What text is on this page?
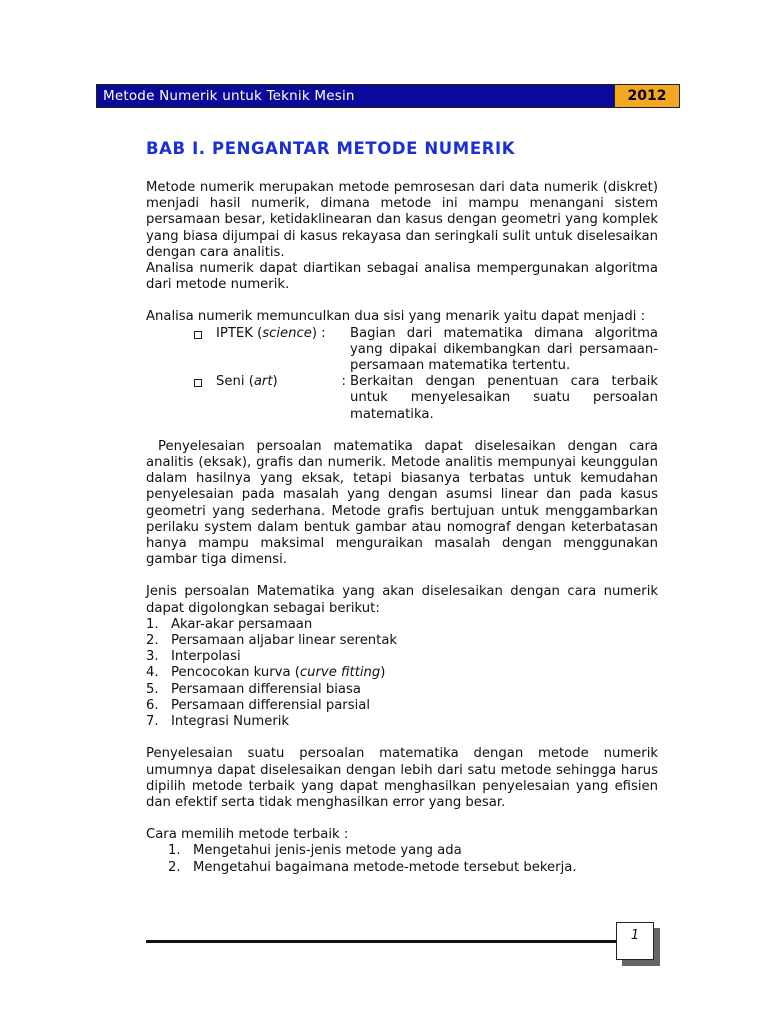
Metode Numerik untuk Teknik Mesin	2012
BAB I. PENGANTAR METODE NUMERIK

Metode numerik merupakan metode pemrosesan dari data numerik (diskret) menjadi hasil numerik, dimana metode ini mampu menangani sistem persamaan besar, ketidaklinearan dan kasus dengan geometri yang komplek yang biasa dijumpai di kasus rekayasa dan seringkali sulit untuk diselesaikan dengan cara analitis.

Analisa numerik dapat diartikan sebagai analisa mempergunakan algoritma dari metode numerik.

Analisa numerik memunculkan dua sisi yang menarik yaitu dapat menjadi :

IPTEK (science) :	Bagian dari matematika dimana algoritma yang dipakai dikembangkan dari persamaan-persamaan matematika tertentu.
Seni (art)	: Berkaitan dengan penentuan cara terbaik untuk menyelesaikan suatu persoalan matematika.

Penyelesaian persoalan matematika dapat diselesaikan dengan cara analitis (eksak), grafis dan numerik. Metode analitis mempunyai keunggulan dalam hasilnya yang eksak, tetapi biasanya terbatas untuk kemudahan penyelesaian pada masalah yang dengan asumsi linear dan pada kasus geometri yang sederhana. Metode grafis bertujuan untuk menggambarkan perilaku system dalam bentuk gambar atau nomograf dengan keterbatasan hanya mampu maksimal menguraikan masalah dengan menggunakan gambar tiga dimensi.

Jenis persoalan Matematika yang akan diselesaikan dengan cara numerik dapat digolongkan sebagai berikut:

1. Akar-akar persamaan
2. Persamaan aljabar linear serentak
3. Interpolasi
4. Pencocokan kurva (curve fitting)
5. Persamaan differensial biasa
6. Persamaan differensial parsial
7. Integrasi Numerik

Penyelesaian suatu persoalan matematika dengan metode numerik umumnya dapat diselesaikan dengan lebih dari satu metode sehingga harus dipilih metode terbaik yang dapat menghasilkan penyelesaian yang efisien dan efektif serta tidak menghasilkan error yang besar.

Cara memilih metode terbaik :

1. Mengetahui jenis-jenis metode yang ada
2. Mengetahui bagaimana metode-metode tersebut bekerja.
1
